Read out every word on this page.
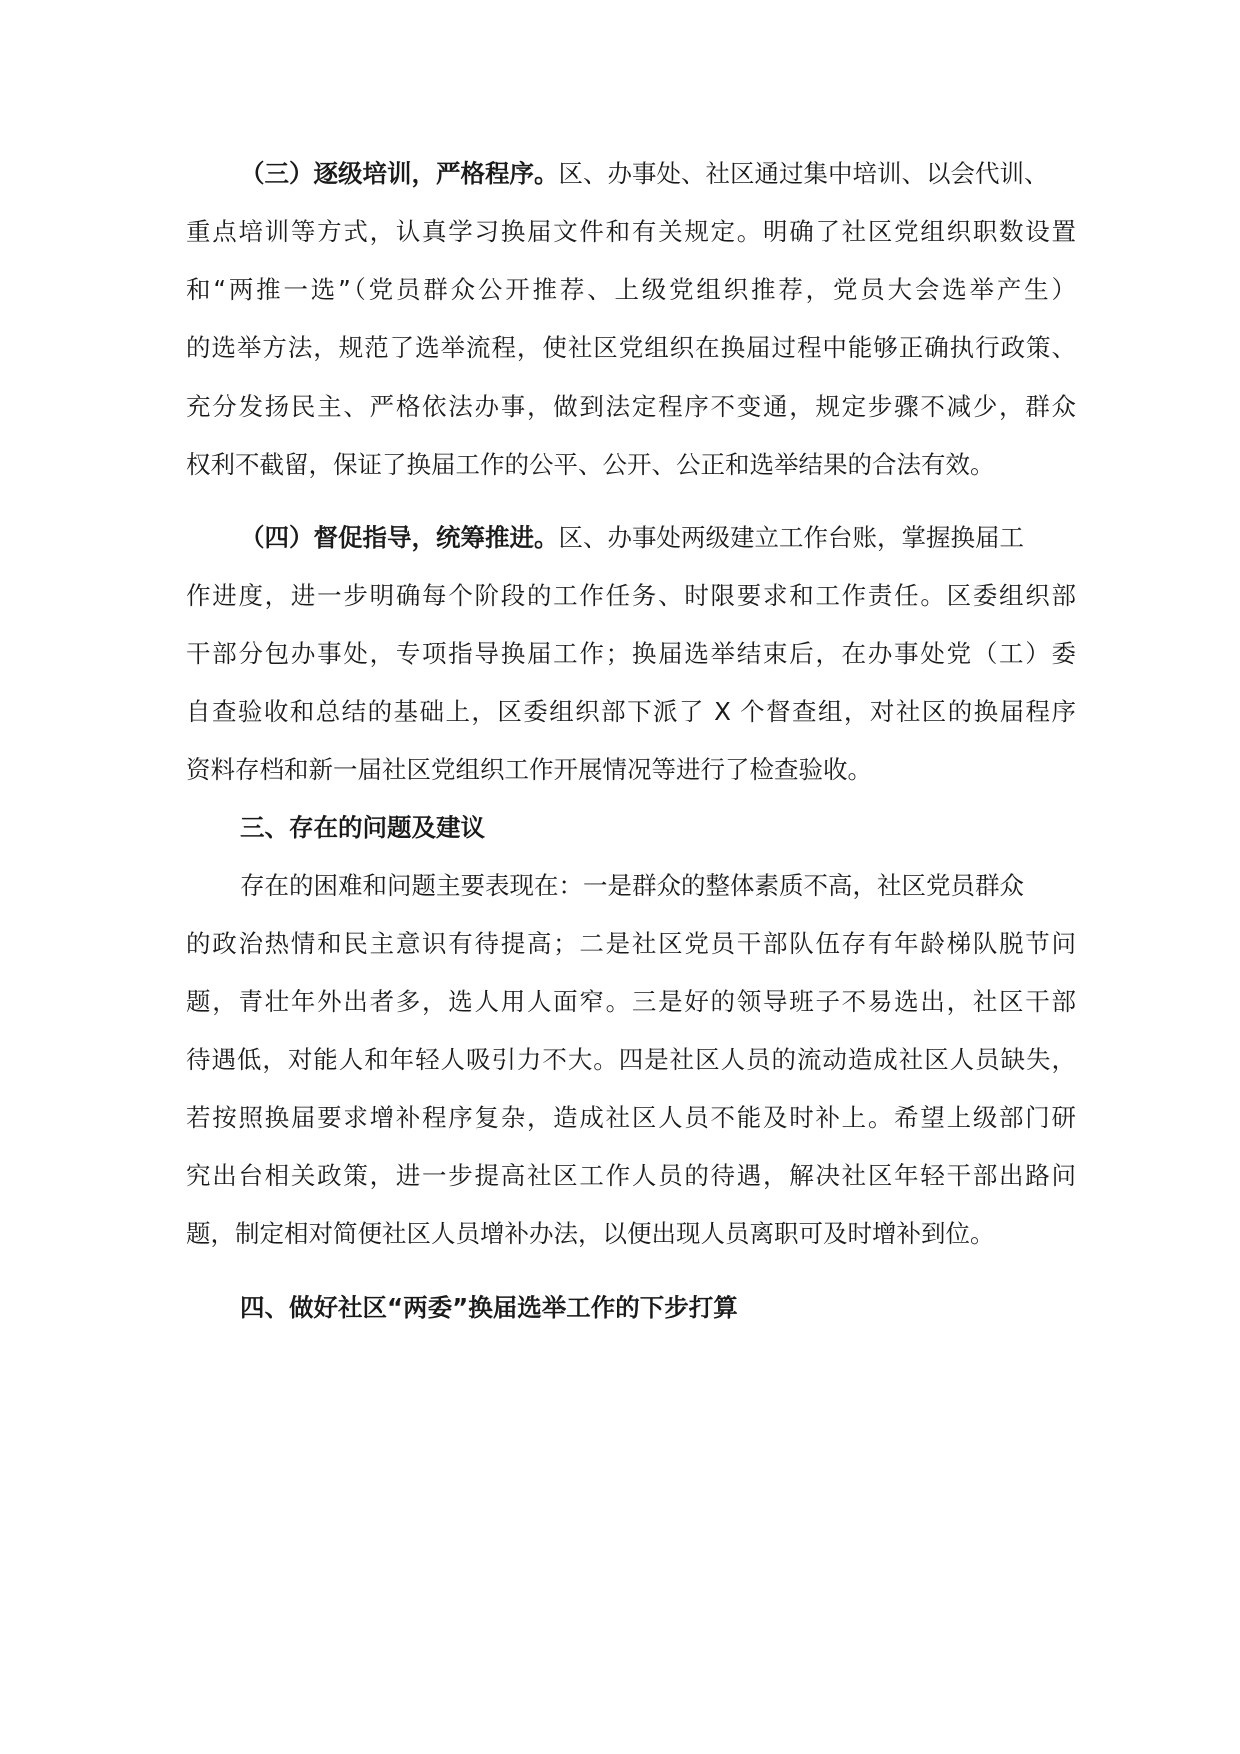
（三）逐级培训，严格程序。区、办事处、社区通过集中培训、以会代训、
重点培训等方式，认真学习换届文件和有关规定。明确了社区党组织职数设置
和“两推一选”（党员群众公开推荐、上级党组织推荐，党员大会选举产生）
的选举方法，规范了选举流程，使社区党组织在换届过程中能够正确执行政策、
充分发扬民主、严格依法办事，做到法定程序不变通，规定步骤不减少，群众
权利不截留，保证了换届工作的公平、公开、公正和选举结果的合法有效。
（四）督促指导，统筹推进。区、办事处两级建立工作台账，掌握换届工
作进度，进一步明确每个阶段的工作任务、时限要求和工作责任。区委组织部
干部分包办事处，专项指导换届工作；换届选举结束后，在办事处党（工）委
自查验收和总结的基础上，区委组织部下派了 X 个督查组，对社区的换届程序
资料存档和新一届社区党组织工作开展情况等进行了检查验收。
三、存在的问题及建议
存在的困难和问题主要表现在：一是群众的整体素质不高，社区党员群众
的政治热情和民主意识有待提高；二是社区党员干部队伍存有年龄梯队脱节问
题，青壮年外出者多，选人用人面窄。三是好的领导班子不易选出，社区干部
待遇低，对能人和年轻人吸引力不大。四是社区人员的流动造成社区人员缺失，
若按照换届要求增补程序复杂，造成社区人员不能及时补上。希望上级部门研
究出台相关政策，进一步提高社区工作人员的待遇，解决社区年轻干部出路问
题，制定相对简便社区人员增补办法，以便出现人员离职可及时增补到位。
四、做好社区“两委”换届选举工作的下步打算
